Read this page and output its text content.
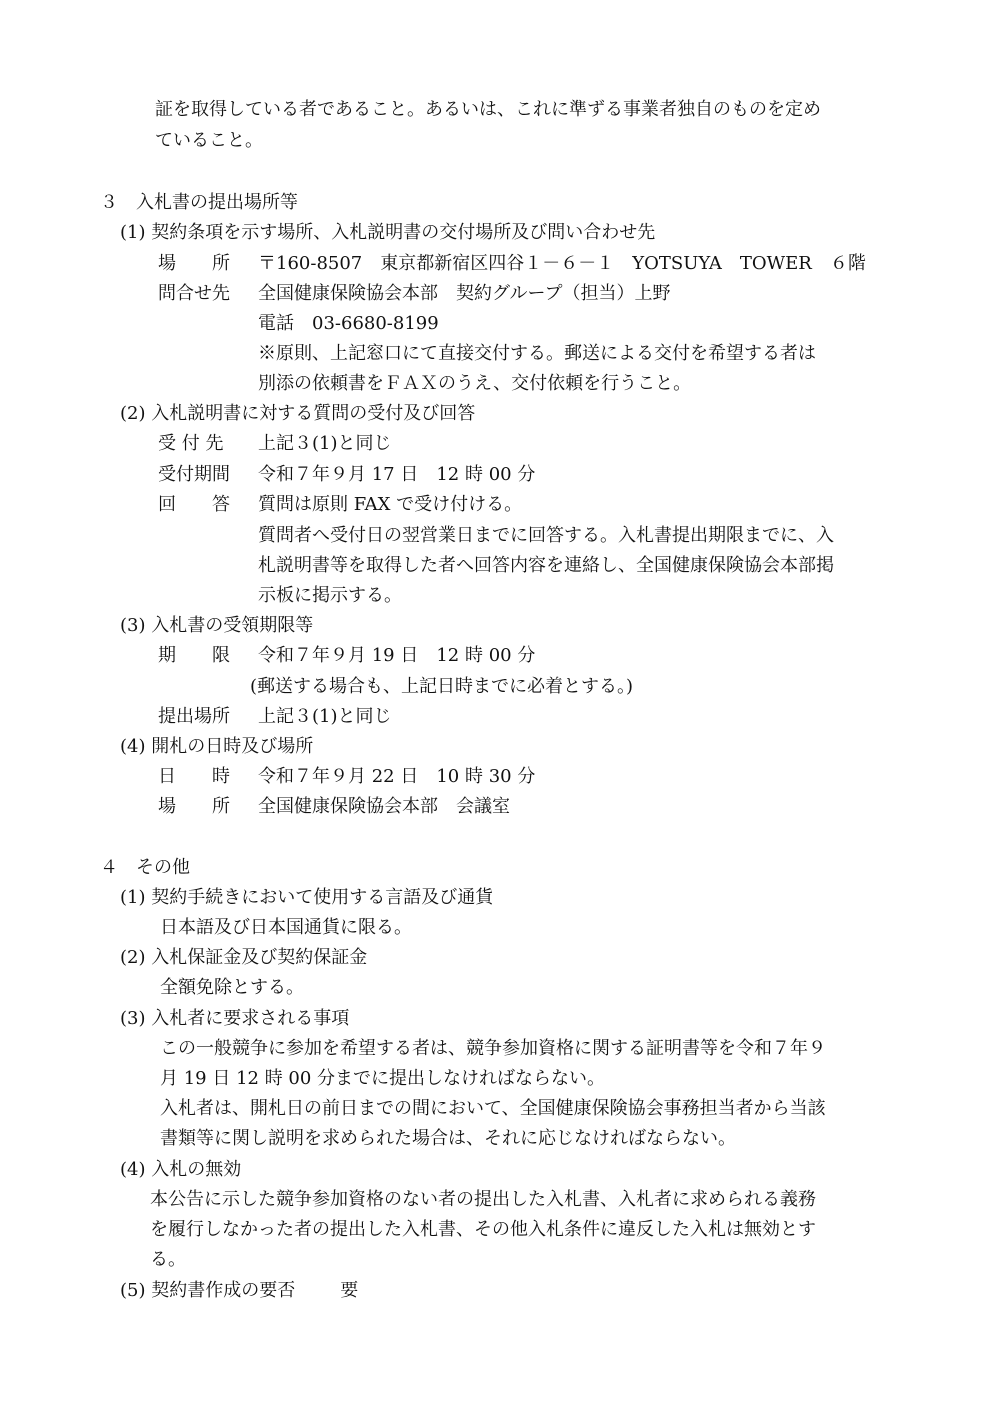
証を取得している者であること。あるいは、これに準ずる事業者独自のものを定め
ていること。
３　入札書の提出場所等
(1) 契約条項を示す場所、入札説明書の交付場所及び問い合わせ先
場　　所 〒160-8507　東京都新宿区四谷１－６－１　YOTSUYA　TOWER　６階
問合せ先 全国健康保険協会本部　契約グループ（担当）上野
電話　03-6680-8199
※原則、上記窓口にて直接交付する。郵送による交付を希望する者は
別添の依頼書をＦＡＸのうえ、交付依頼を行うこと。
(2) 入札説明書に対する質問の受付及び回答
受 付 先 上記３(1)と同じ
受付期間 令和７年９月 17 日　12 時 00 分
回　　答 質問は原則 FAX で受け付ける。
質問者へ受付日の翌営業日までに回答する。入札書提出期限までに、入
札説明書等を取得した者へ回答内容を連絡し、全国健康保険協会本部掲
示板に掲示する。
(3) 入札書の受領期限等
期　　限 令和７年９月 19 日　12 時 00 分
(郵送する場合も、上記日時までに必着とする。)
提出場所 上記３(1)と同じ
(4) 開札の日時及び場所
日　　時 令和７年９月 22 日　10 時 30 分
場　　所 全国健康保険協会本部　会議室
４　その他
(1) 契約手続きにおいて使用する言語及び通貨
日本語及び日本国通貨に限る。
(2) 入札保証金及び契約保証金
全額免除とする。
(3) 入札者に要求される事項
この一般競争に参加を希望する者は、競争参加資格に関する証明書等を令和７年９
月 19 日 12 時 00 分までに提出しなければならない。
入札者は、開札日の前日までの間において、全国健康保険協会事務担当者から当該
書類等に関し説明を求められた場合は、それに応じなければならない。
(4) 入札の無効
本公告に示した競争参加資格のない者の提出した入札書、入札者に求められる義務
を履行しなかった者の提出した入札書、その他入札条件に違反した入札は無効とす
る。
(5) 契約書作成の要否	要
